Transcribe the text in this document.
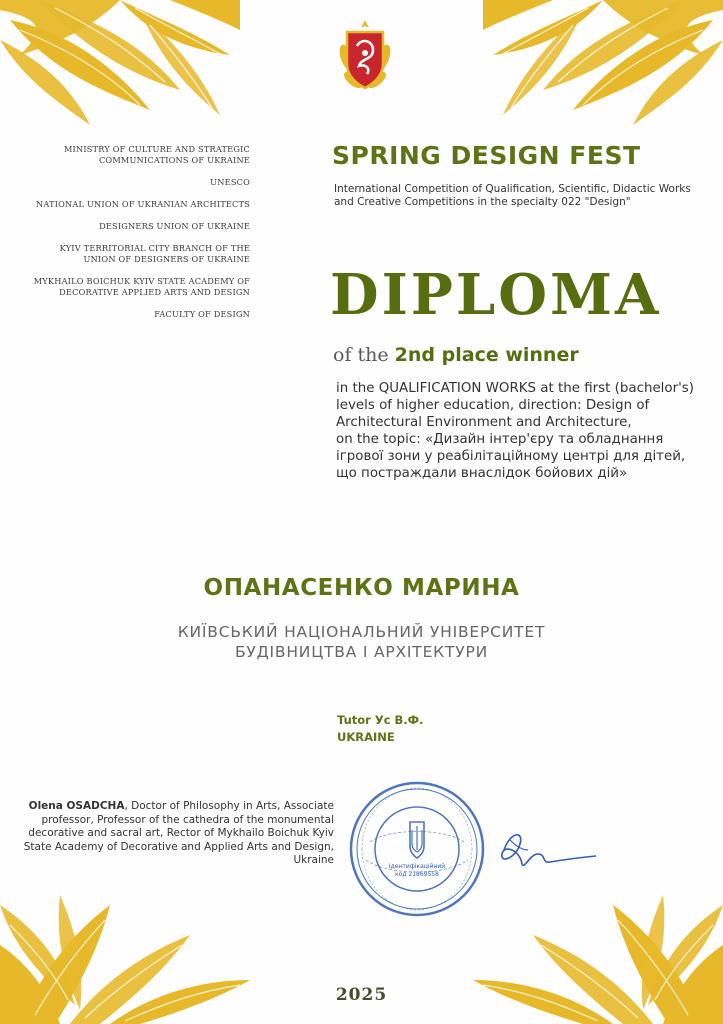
MINISTRY OF CULTURE AND STRATEGIC COMMUNICATIONS OF UKRAINE
UNESCO
NATIONAL UNION OF UKRANIAN ARCHITECTS
DESIGNERS UNION OF UKRAINE
KYIV TERRITORIAL CITY BRANCH OF THE UNION OF DESIGNERS OF UKRAINE
MYKHAILO BOICHUK KYIV STATE ACADEMY OF DECORATIVE APPLIED ARTS AND DESIGN
FACULTY OF DESIGN
SPRING DESIGN FEST
International Competition of Qualification, Scientific, Didactic Works and Creative Competitions in the specialty 022 "Design"
DIPLOMA
of the 2nd place winner
in the QUALIFICATION WORKS at the first (bachelor's) levels of higher education, direction: Design of Architectural Environment and Architecture,
on the topic: «Дизайн інтер'єру та обладнання ігрової зони у реабілітаційному центрі для дітей, що постраждали внаслідок бойових дій»
ОПАНАСЕНКО МАРИНА
КИЇВСЬКИЙ НАЦІОНАЛЬНИЙ УНІВЕРСИТЕТ
БУДІВНИЦТВА І АРХІТЕКТУРИ
Tutor Ус В.Ф.
UKRAINE
Olena OSADCHA, Doctor of Philosophy in Arts, Associate professor, Professor of the cathedra of the monumental decorative and sacral art, Rector of Mykhailo Boichuk Kyiv State Academy of Decorative and Applied Arts and Design, Ukraine
Ідентифікаційний
код 21869558
2025
